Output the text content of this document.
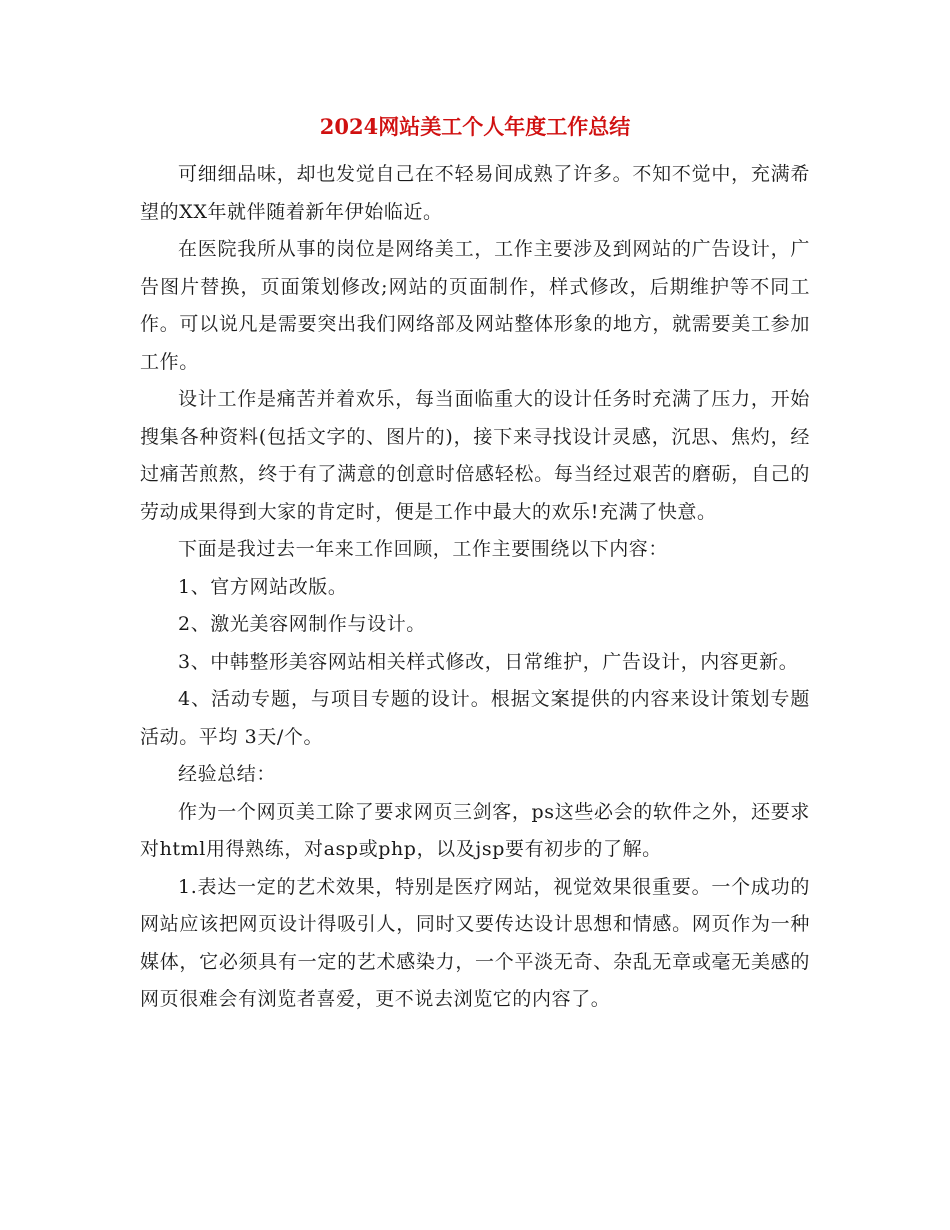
2024网站美工个人年度工作总结

可细细品味，却也发觉自己在不轻易间成熟了许多。不知不觉中，充满希望的XX年就伴随着新年伊始临近。

在医院我所从事的岗位是网络美工，工作主要涉及到网站的广告设计，广告图片替换，页面策划修改;网站的页面制作，样式修改，后期维护等不同工作。可以说凡是需要突出我们网络部及网站整体形象的地方，就需要美工参加工作。

设计工作是痛苦并着欢乐，每当面临重大的设计任务时充满了压力，开始搜集各种资料(包括文字的、图片的)，接下来寻找设计灵感，沉思、焦灼，经过痛苦煎熬，终于有了满意的创意时倍感轻松。每当经过艰苦的磨砺，自己的劳动成果得到大家的肯定时，便是工作中最大的欢乐!充满了快意。

下面是我过去一年来工作回顾，工作主要围绕以下内容：

1、官方网站改版。

2、激光美容网制作与设计。

3、中韩整形美容网站相关样式修改，日常维护，广告设计，内容更新。

4、活动专题，与项目专题的设计。根据文案提供的内容来设计策划专题活动。平均 3天/个。

经验总结：

作为一个网页美工除了要求网页三剑客，ps这些必会的软件之外，还要求对html用得熟练，对asp或php，以及jsp要有初步的了解。

1.表达一定的艺术效果，特别是医疗网站，视觉效果很重要。一个成功的网站应该把网页设计得吸引人，同时又要传达设计思想和情感。网页作为一种媒体，它必须具有一定的艺术感染力，一个平淡无奇、杂乱无章或毫无美感的网页很难会有浏览者喜爱，更不说去浏览它的内容了。
